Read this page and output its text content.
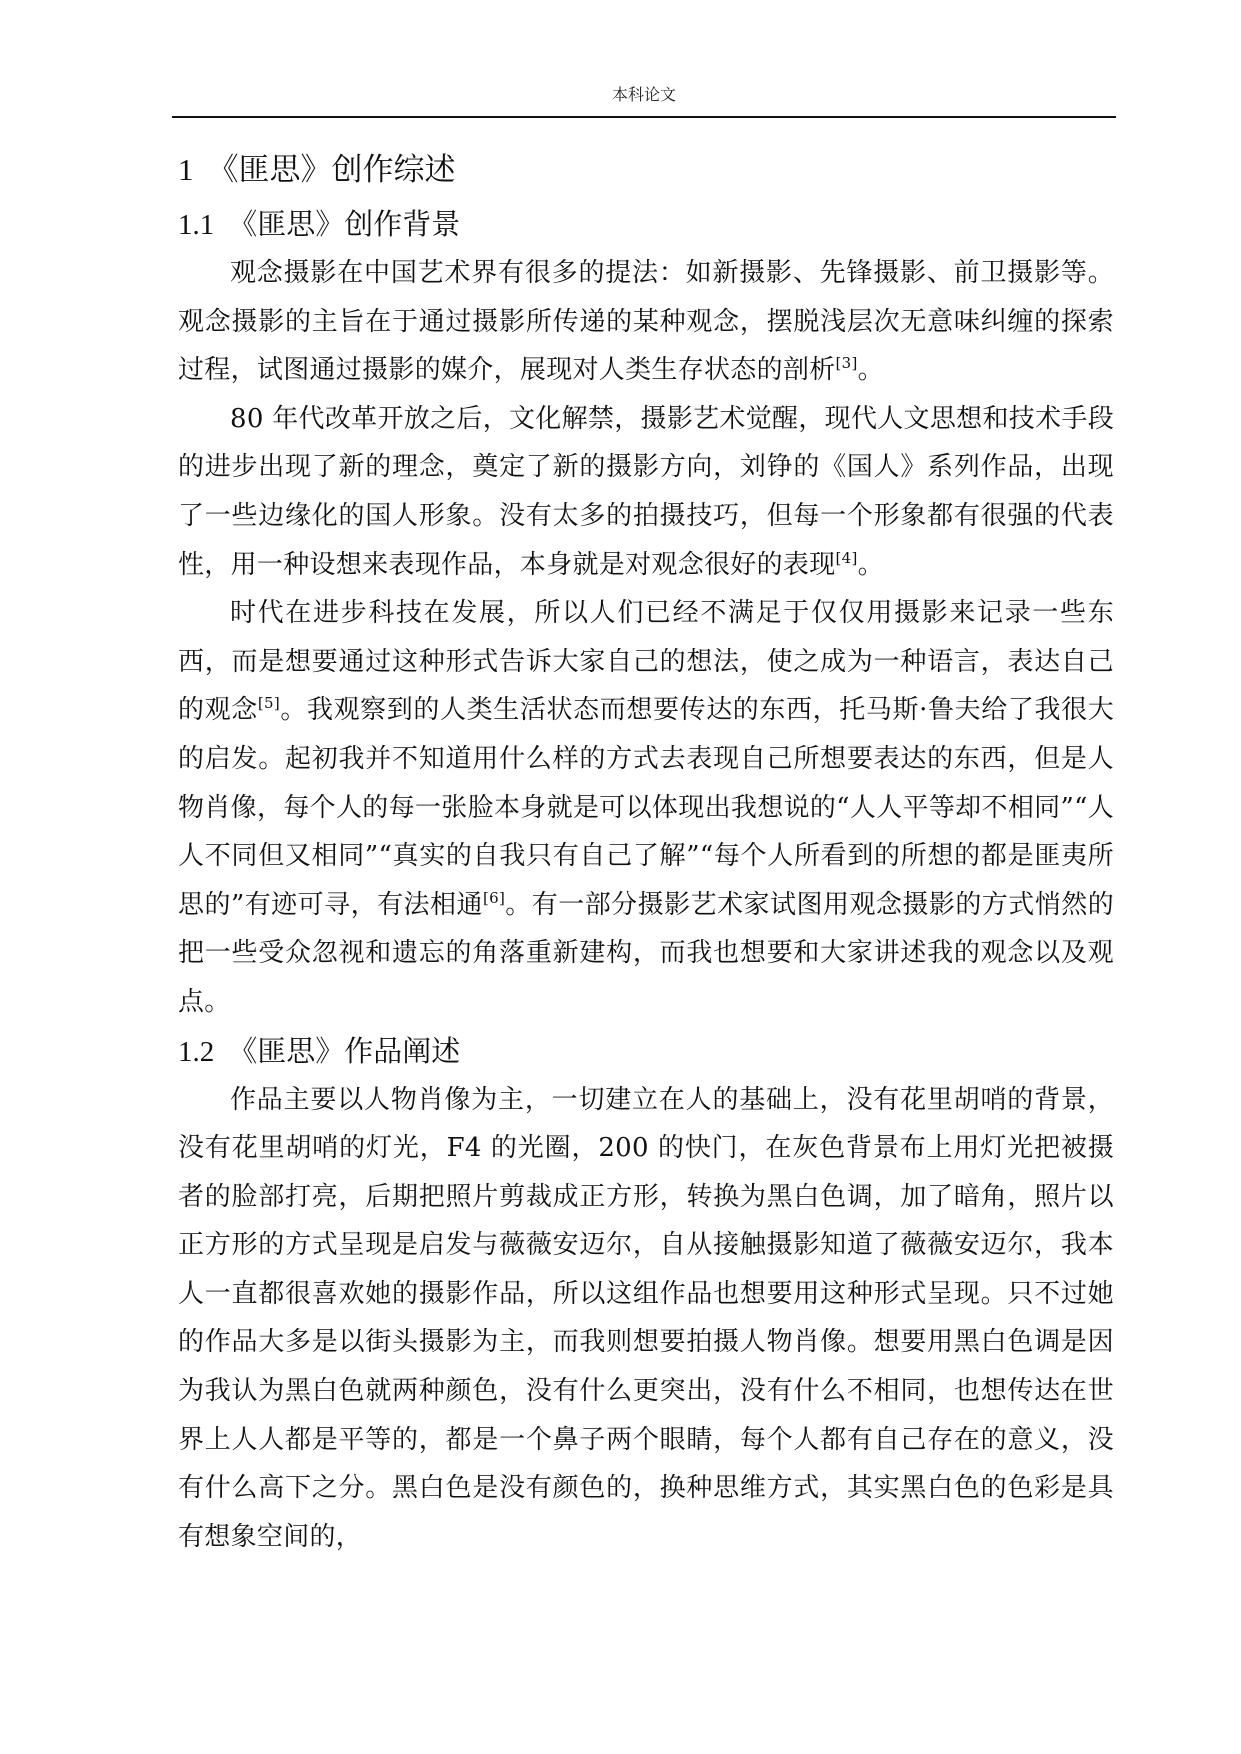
本科论文
1 《匪思》创作综述
1.1 《匪思》创作背景

观念摄影在中国艺术界有很多的提法：如新摄影、先锋摄影、前卫摄影等。观念摄影的主旨在于通过摄影所传递的某种观念，摆脱浅层次无意味纠缠的探索过程，试图通过摄影的媒介，展现对人类生存状态的剖析[3]。

80 年代改革开放之后，文化解禁，摄影艺术觉醒，现代人文思想和技术手段的进步出现了新的理念，奠定了新的摄影方向，刘铮的《国人》系列作品，出现了一些边缘化的国人形象。没有太多的拍摄技巧，但每一个形象都有很强的代表性，用一种设想来表现作品，本身就是对观念很好的表现[4]。

时代在进步科技在发展，所以人们已经不满足于仅仅用摄影来记录一些东西，而是想要通过这种形式告诉大家自己的想法，使之成为一种语言，表达自己的观念[5]。我观察到的人类生活状态而想要传达的东西，托马斯·鲁夫给了我很大的启发。起初我并不知道用什么样的方式去表现自己所想要表达的东西，但是人物肖像，每个人的每一张脸本身就是可以体现出我想说的“人人平等却不相同”“人人不同但又相同”“真实的自我只有自己了解”“每个人所看到的所想的都是匪夷所思的”有迹可寻，有法相通[6]。有一部分摄影艺术家试图用观念摄影的方式悄然的把一些受众忽视和遗忘的角落重新建构，而我也想要和大家讲述我的观念以及观点。

1.2 《匪思》作品阐述

作品主要以人物肖像为主，一切建立在人的基础上，没有花里胡哨的背景，没有花里胡哨的灯光，F4 的光圈，200 的快门，在灰色背景布上用灯光把被摄者的脸部打亮，后期把照片剪裁成正方形，转换为黑白色调，加了暗角，照片以正方形的方式呈现是启发与薇薇安迈尔，自从接触摄影知道了薇薇安迈尔，我本人一直都很喜欢她的摄影作品，所以这组作品也想要用这种形式呈现。只不过她的作品大多是以街头摄影为主，而我则想要拍摄人物肖像。想要用黑白色调是因为我认为黑白色就两种颜色，没有什么更突出，没有什么不相同，也想传达在世界上人人都是平等的，都是一个鼻子两个眼睛，每个人都有自己存在的意义，没有什么高下之分。黑白色是没有颜色的，换种思维方式，其实黑白色的色彩是具有想象空间的，
